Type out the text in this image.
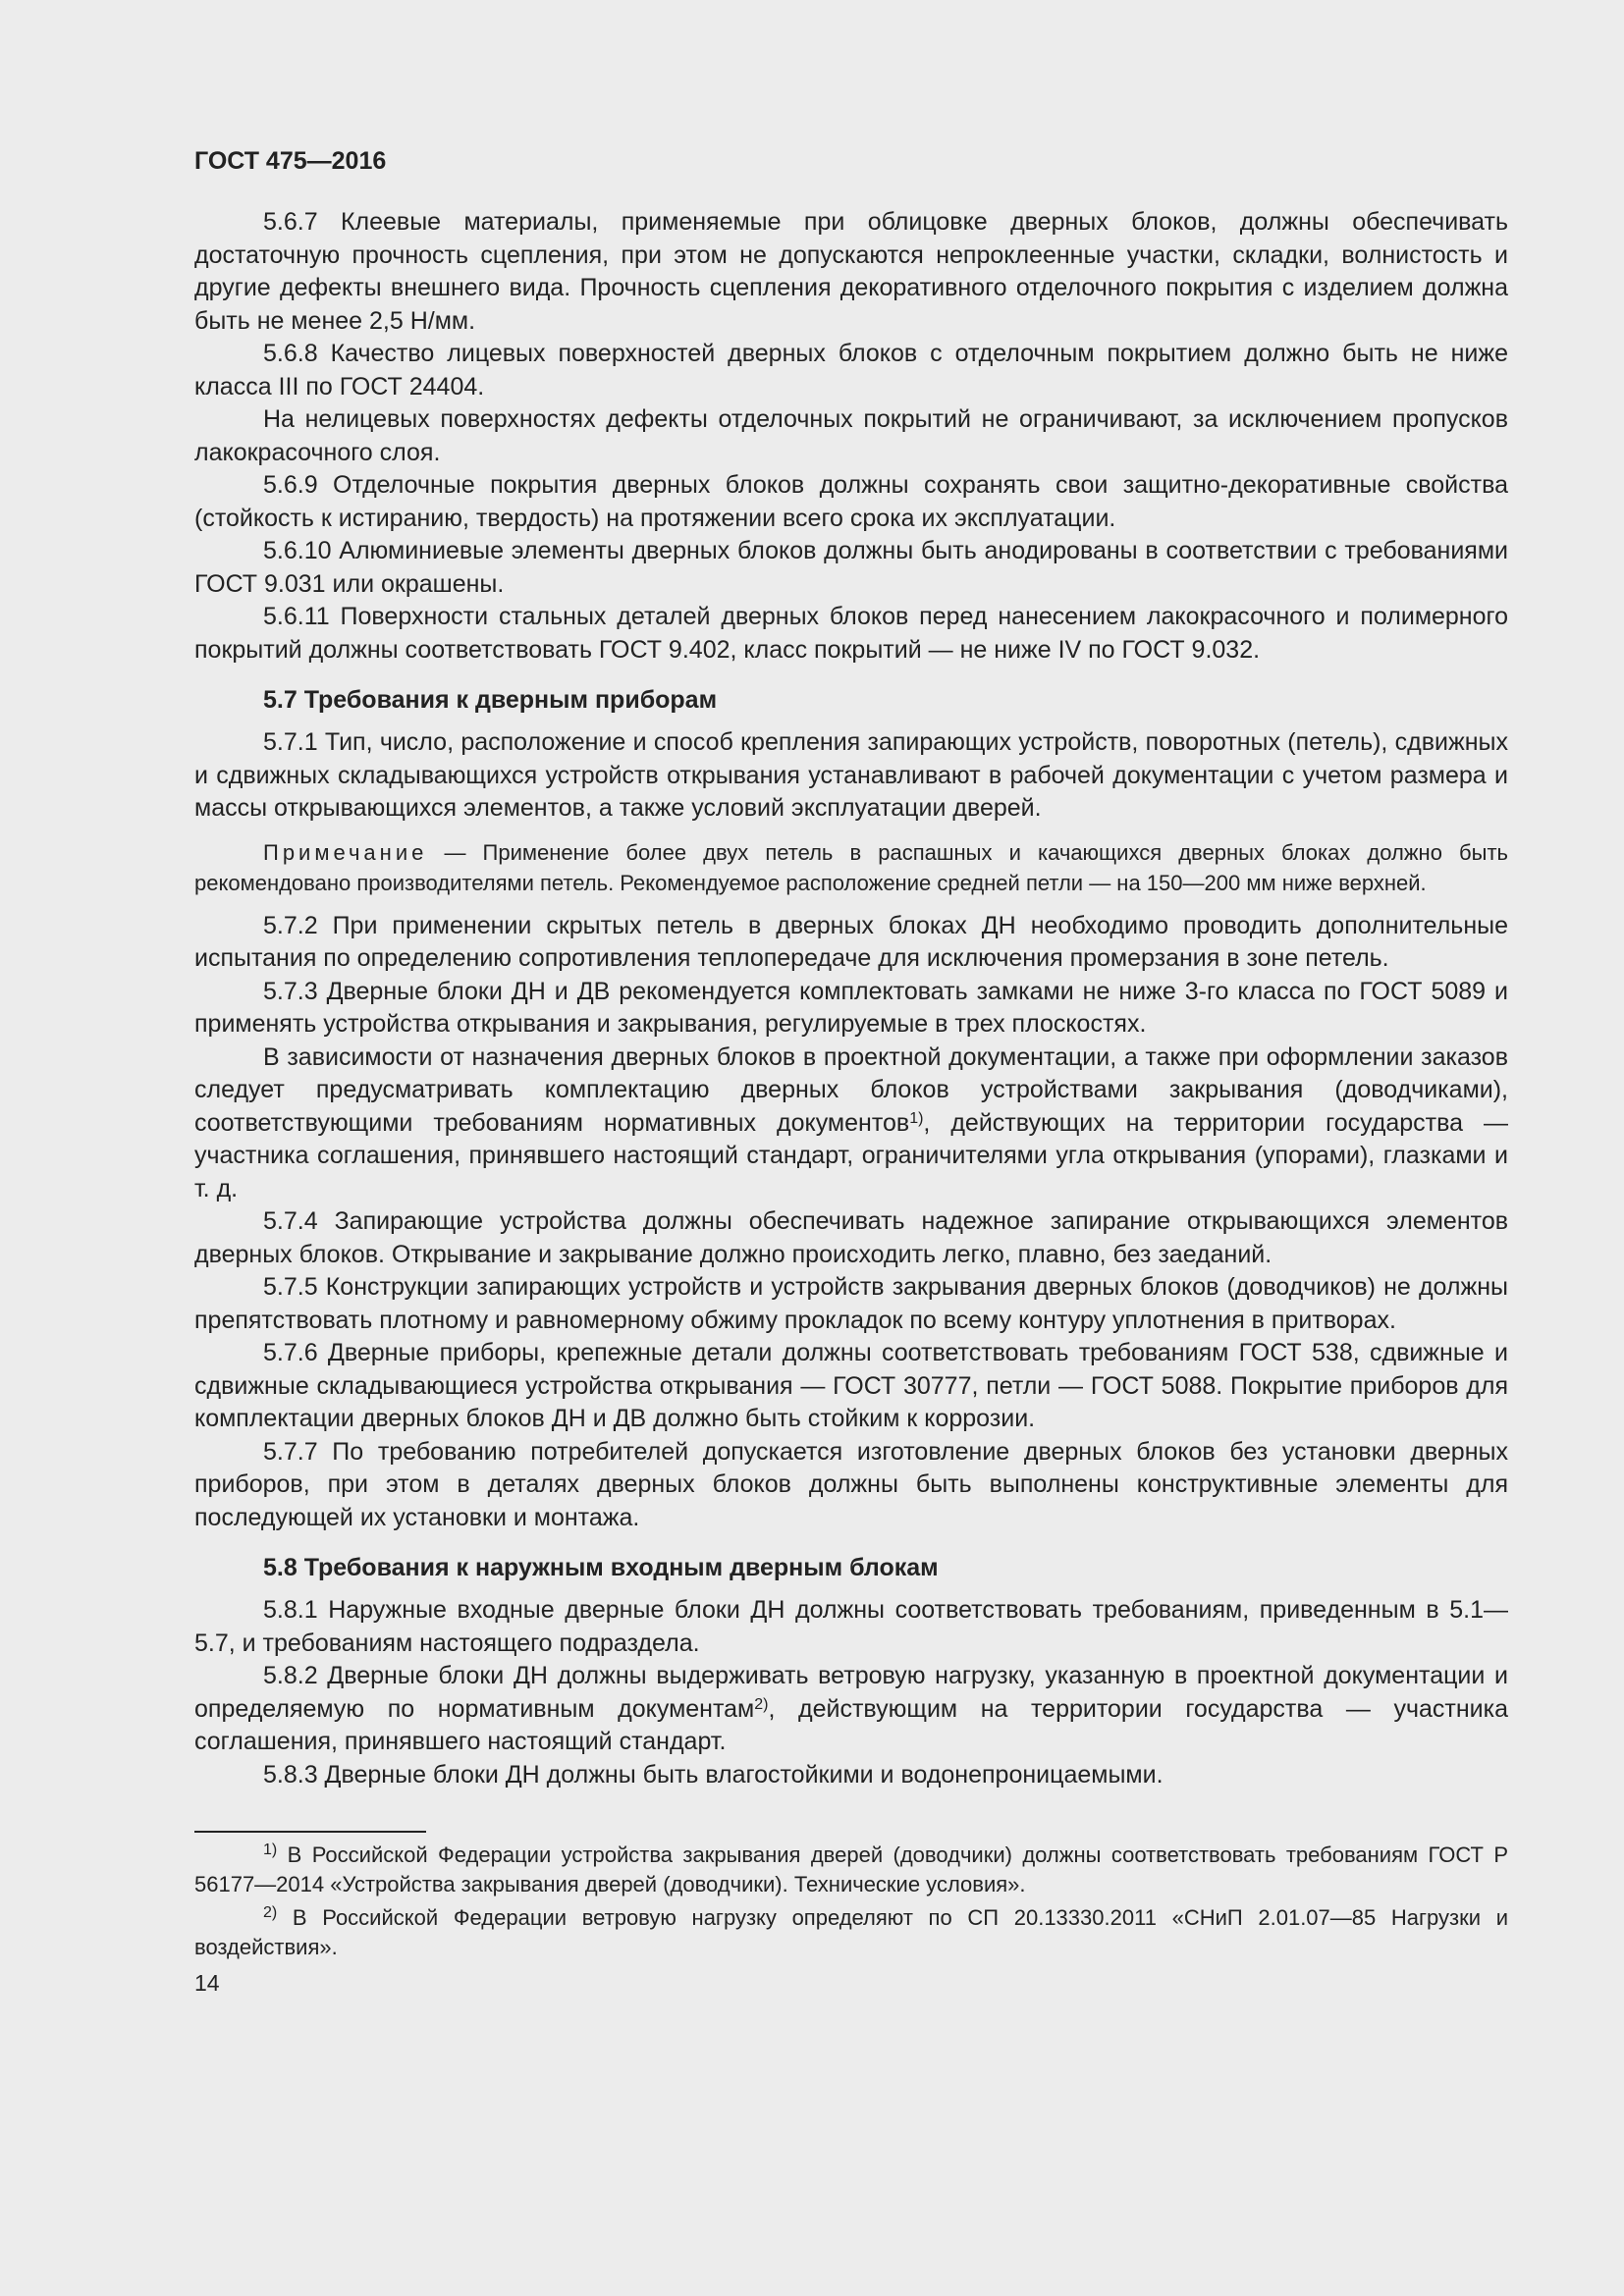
ГОСТ 475—2016

5.6.7 Клеевые материалы, применяемые при облицовке дверных блоков, должны обеспечивать достаточную прочность сцепления, при этом не допускаются непроклеенные участки, складки, волнистость и другие дефекты внешнего вида. Прочность сцепления декоративного отделочного покрытия с изделием должна быть не менее 2,5 Н/мм.

5.6.8 Качество лицевых поверхностей дверных блоков с отделочным покрытием должно быть не ниже класса III по ГОСТ 24404.

На нелицевых поверхностях дефекты отделочных покрытий не ограничивают, за исключением пропусков лакокрасочного слоя.

5.6.9 Отделочные покрытия дверных блоков должны сохранять свои защитно-декоративные свойства (стойкость к истиранию, твердость) на протяжении всего срока их эксплуатации.

5.6.10 Алюминиевые элементы дверных блоков должны быть анодированы в соответствии с требованиями ГОСТ 9.031 или окрашены.

5.6.11 Поверхности стальных деталей дверных блоков перед нанесением лакокрасочного и полимерного покрытий должны соответствовать ГОСТ 9.402, класс покрытий — не ниже IV по ГОСТ 9.032.

5.7 Требования к дверным приборам

5.7.1 Тип, число, расположение и способ крепления запирающих устройств, поворотных (петель), сдвижных и сдвижных складывающихся устройств открывания устанавливают в рабочей документации с учетом размера и массы открывающихся элементов, а также условий эксплуатации дверей.

Примечание — Применение более двух петель в распашных и качающихся дверных блоках должно быть рекомендовано производителями петель. Рекомендуемое расположение средней петли — на 150—200 мм ниже верхней.

5.7.2 При применении скрытых петель в дверных блоках ДН необходимо проводить дополнительные испытания по определению сопротивления теплопередаче для исключения промерзания в зоне петель.

5.7.3 Дверные блоки ДН и ДВ рекомендуется комплектовать замками не ниже 3-го класса по ГОСТ 5089 и применять устройства открывания и закрывания, регулируемые в трех плоскостях.

В зависимости от назначения дверных блоков в проектной документации, а также при оформлении заказов следует предусматривать комплектацию дверных блоков устройствами закрывания (доводчиками), соответствующими требованиям нормативных документов$^{1)}$, действующих на территории государства — участника соглашения, принявшего настоящий стандарт, ограничителями угла открывания (упорами), глазками и т. д.

5.7.4 Запирающие устройства должны обеспечивать надежное запирание открывающихся элементов дверных блоков. Открывание и закрывание должно происходить легко, плавно, без заеданий.

5.7.5 Конструкции запирающих устройств и устройств закрывания дверных блоков (доводчиков) не должны препятствовать плотному и равномерному обжиму прокладок по всему контуру уплотнения в притворах.

5.7.6 Дверные приборы, крепежные детали должны соответствовать требованиям ГОСТ 538, сдвижные и сдвижные складывающиеся устройства открывания — ГОСТ 30777, петли — ГОСТ 5088. Покрытие приборов для комплектации дверных блоков ДН и ДВ должно быть стойким к коррозии.

5.7.7 По требованию потребителей допускается изготовление дверных блоков без установки дверных приборов, при этом в деталях дверных блоков должны быть выполнены конструктивные элементы для последующей их установки и монтажа.

5.8 Требования к наружным входным дверным блокам

5.8.1 Наружные входные дверные блоки ДН должны соответствовать требованиям, приведенным в 5.1—5.7, и требованиям настоящего подраздела.

5.8.2 Дверные блоки ДН должны выдерживать ветровую нагрузку, указанную в проектной документации и определяемую по нормативным документам$^{2)}$, действующим на территории государства — участника соглашения, принявшего настоящий стандарт.

5.8.3 Дверные блоки ДН должны быть влагостойкими и водонепроницаемыми.

$^{1)}$ В Российской Федерации устройства закрывания дверей (доводчики) должны соответствовать требованиям ГОСТ Р 56177—2014 «Устройства закрывания дверей (доводчики). Технические условия».

$^{2)}$ В Российской Федерации ветровую нагрузку определяют по СП 20.13330.2011 «СНиП 2.01.07—85 Нагрузки и воздействия».

14
